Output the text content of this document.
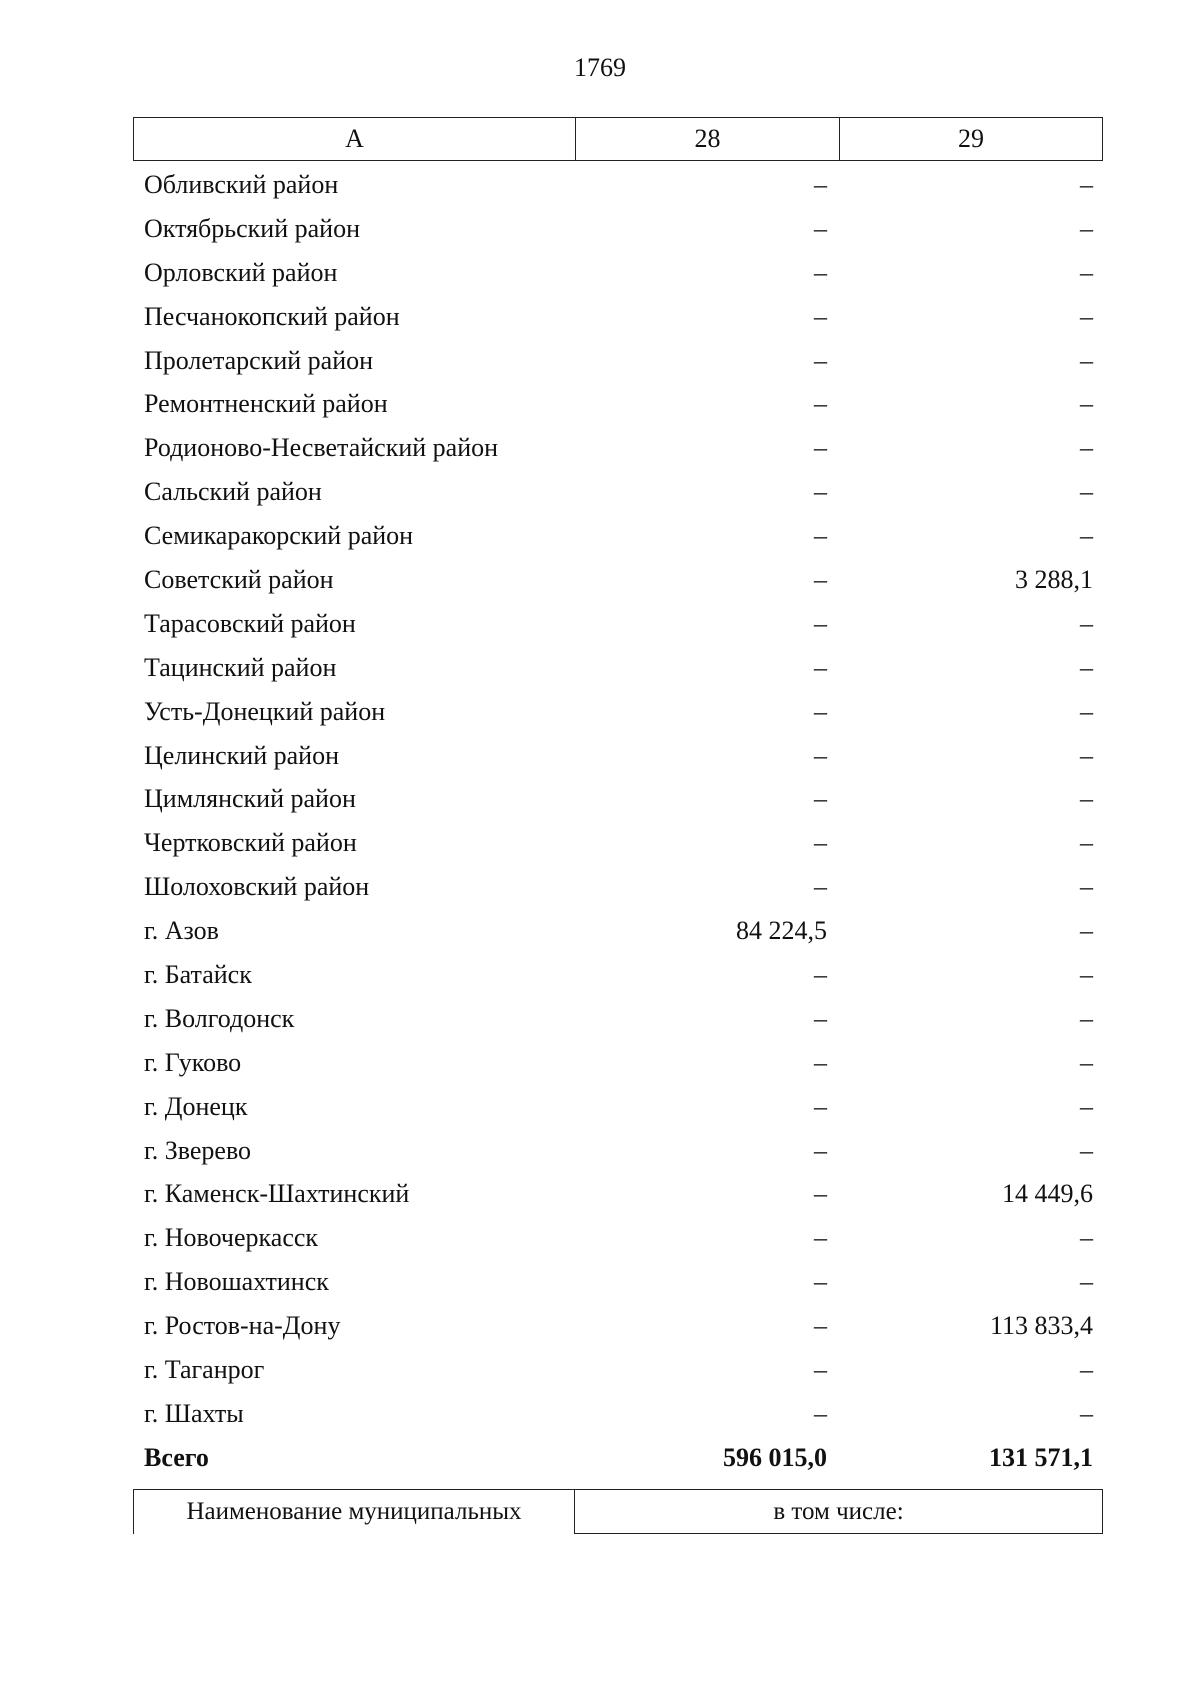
1769
А	28	29
Обливский район	–	–
Октябрьский район	–	–
Орловский район	–	–
Песчанокопский район	–	–
Пролетарский район	–	–
Ремонтненский район	–	–
Родионово-Несветайский район	–	–
Сальский район	–	–
Семикаракорский район	–	–
Советский район	–	3 288,1
Тарасовский район	–	–
Тацинский район	–	–
Усть-Донецкий район	–	–
Целинский район	–	–
Цимлянский район	–	–
Чертковский район	–	–
Шолоховский район	–	–
г. Азов	84 224,5	–
г. Батайск	–	–
г. Волгодонск	–	–
г. Гуково	–	–
г. Донецк	–	–
г. Зверево	–	–
г. Каменск-Шахтинский	–	14 449,6
г. Новочеркасск	–	–
г. Новошахтинск	–	–
г. Ростов-на-Дону	–	113 833,4
г. Таганрог	–	–
г. Шахты	–	–
Всего	596 015,0	131 571,1
Наименование муниципальных	в том числе:
